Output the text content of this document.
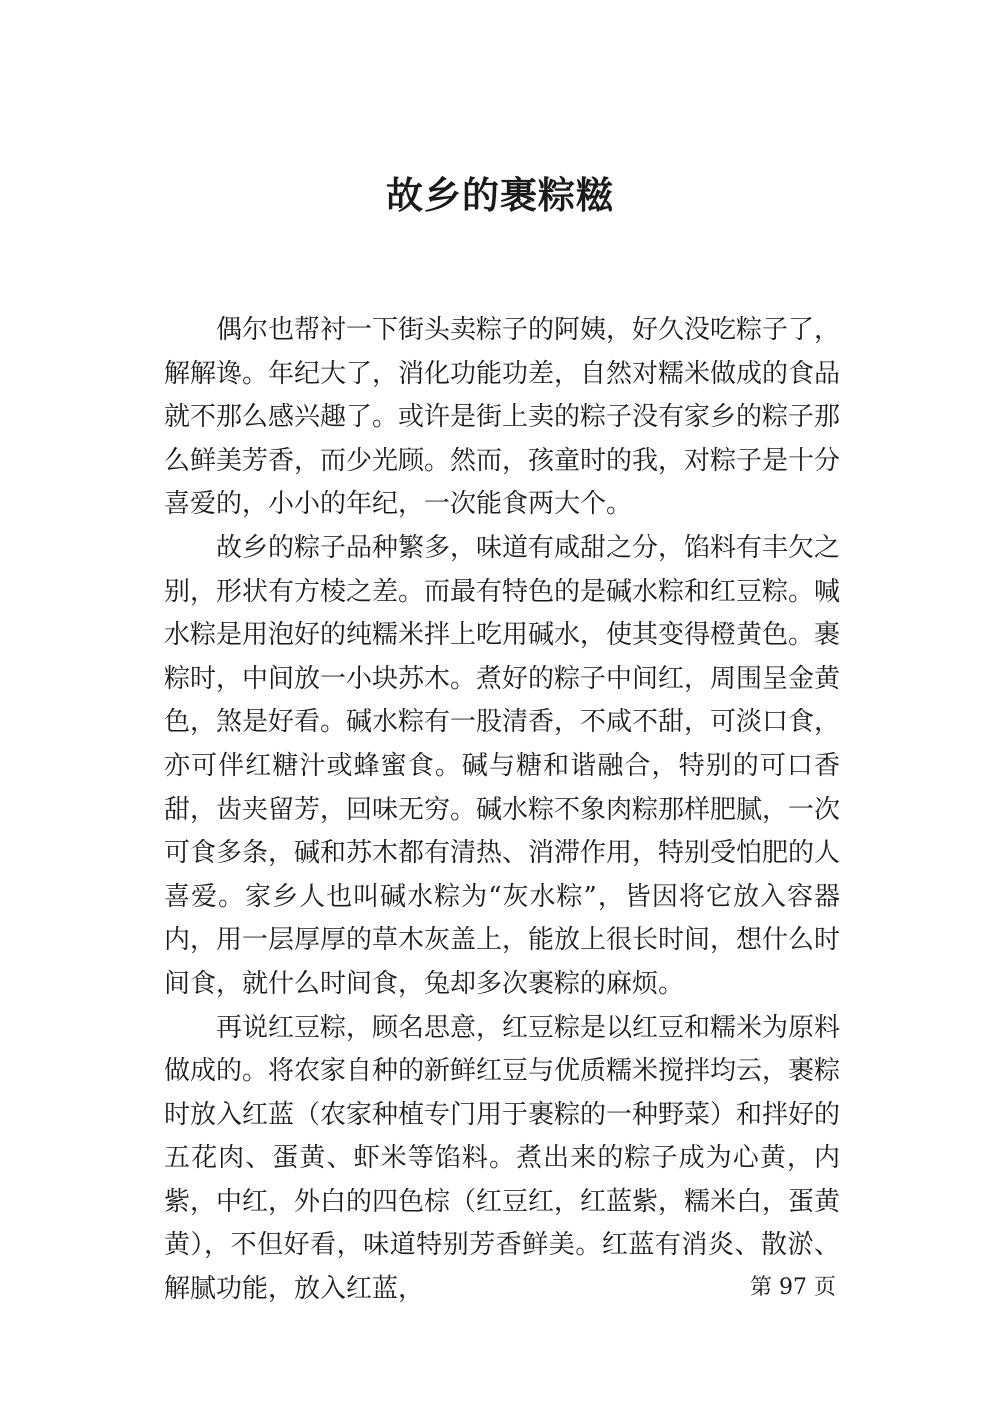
故乡的裹粽糍

偶尔也帮衬一下街头卖粽子的阿姨，好久没吃粽子了，解解谗。年纪大了，消化功能功差，自然对糯米做成的食品就不那么感兴趣了。或许是街上卖的粽子没有家乡的粽子那么鲜美芳香，而少光顾。然而，孩童时的我，对粽子是十分喜爱的，小小的年纪，一次能食两大个。

故乡的粽子品种繁多，味道有咸甜之分，馅料有丰欠之别，形状有方棱之差。而最有特色的是碱水粽和红豆粽。喊水粽是用泡好的纯糯米拌上吃用碱水，使其变得橙黄色。裹粽时，中间放一小块苏木。煮好的粽子中间红，周围呈金黄色，煞是好看。碱水粽有一股清香，不咸不甜，可淡口食，亦可伴红糖汁或蜂蜜食。碱与糖和谐融合，特别的可口香甜，齿夹留芳，回味无穷。碱水粽不象肉粽那样肥腻，一次可食多条，碱和苏木都有清热、消滞作用，特别受怕肥的人喜爱。家乡人也叫碱水粽为“灰水粽”，皆因将它放入容器内，用一层厚厚的草木灰盖上，能放上很长时间，想什么时间食，就什么时间食，兔却多次裹粽的麻烦。

再说红豆粽，顾名思意，红豆粽是以红豆和糯米为原料做成的。将农家自种的新鲜红豆与优质糯米搅拌均云，裹粽时放入红蓝（农家种植专门用于裹粽的一种野菜）和拌好的五花肉、蛋黄、虾米等馅料。煮出来的粽子成为心黄，内紫，中红，外白的四色棕（红豆红，红蓝紫，糯米白，蛋黄黄），不但好看，味道特别芳香鲜美。红蓝有消炎、散淤、解腻功能，放入红蓝，	第 97 页
